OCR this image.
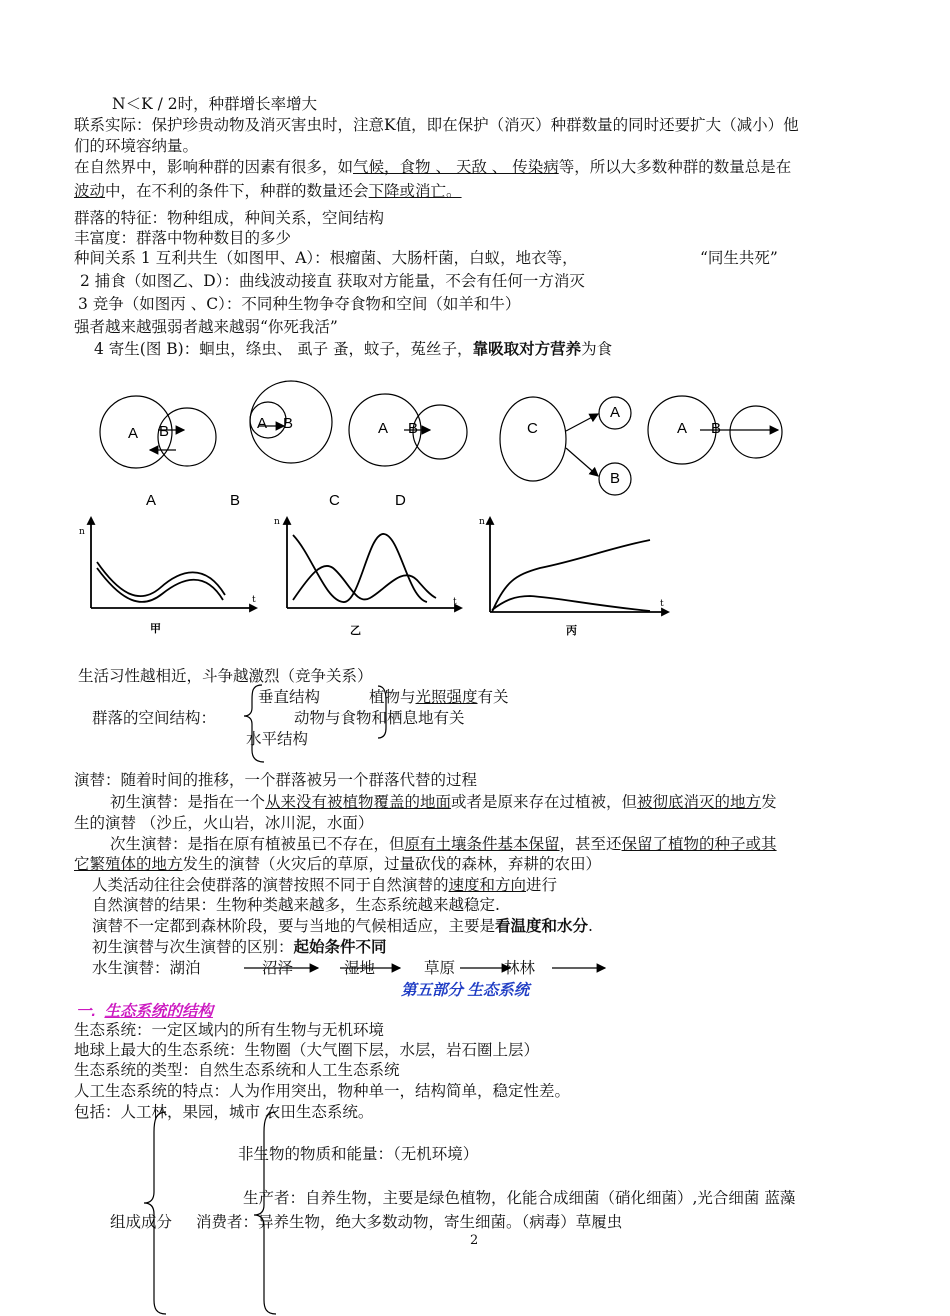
N＜K / 2时，种群增长率增大
联系实际：保护珍贵动物及消灭害虫时，注意K值，即在保护（消灭）种群数量的同时还要扩大（减小）他
们的环境容纳量。
在自然界中，影响种群的因素有很多，如气候，食物 、 天敌 、 传染病等，所以大多数种群的数量总是在
波动中，在不利的条件下，种群的数量还会下降或消亡。
群落的特征：物种组成，种间关系，空间结构
丰富度：群落中物种数目的多少
种间关系 1 互利共生（如图甲、A）：根瘤菌、大肠杆菌，白蚁，地衣等，	“同生共死”
2 捕食（如图乙、D）：曲线波动接直 获取对方能量，不会有任何一方消灭
3 竞争（如图丙 、C）：不同种生物争夺食物和空间（如羊和牛）
强者越来越强弱者越来越弱“你死我活”
4 寄生(图 B)：蛔虫，绦虫、 虱子 蚤，蚊子，菟丝子，靠吸取对方营养为食
A B	A B	A B	C
A
B
A B
A	B	C	D
n
t
n
t
n
t
甲	乙	丙
生活习性越相近，斗争越激烈（竞争关系）
群落的空间结构：
垂直结构	植物与光照强度有关
动物与食物和栖息地有关
水平结构
演替：随着时间的推移，一个群落被另一个群落代替的过程
初生演替：是指在一个从来没有被植物覆盖的地面或者是原来存在过植被，但被彻底消灭的地方发
生的演替 （沙丘，火山岩，冰川泥，水面）
次生演替：是指在原有植被虽已不存在，但原有土壤条件基本保留，甚至还保留了植物的种子或其
它繁殖体的地方发生的演替（火灾后的草原，过量砍伐的森林，弃耕的农田）
人类活动往往会使群落的演替按照不同于自然演替的速度和方向进行
自然演替的结果：生物种类越来越多，生态系统越来越稳定.
演替不一定都到森林阶段，要与当地的气候相适应，主要是看温度和水分.
初生演替与次生演替的区别：起始条件不同
水生演替：湖泊	沼泽	湿地	草原	林林
第五部分 生态系统
一. 生态系统的结构
生态系统：一定区域内的所有生物与无机环境
地球上最大的生态系统：生物圈（大气圈下层，水层，岩石圈上层）
生态系统的类型：自然生态系统和人工生态系统
人工生态系统的特点：人为作用突出，物种单一，结构简单，稳定性差。
包括：人工林，果园，城市 农田生态系统。
非生物的物质和能量：（无机环境）
生产者：自养生物，主要是绿色植物，化能合成细菌（硝化细菌）,光合细菌 蓝藻
组成成分 消费者：异养生物，绝大多数动物，寄生细菌。（病毒）草履虫
2
